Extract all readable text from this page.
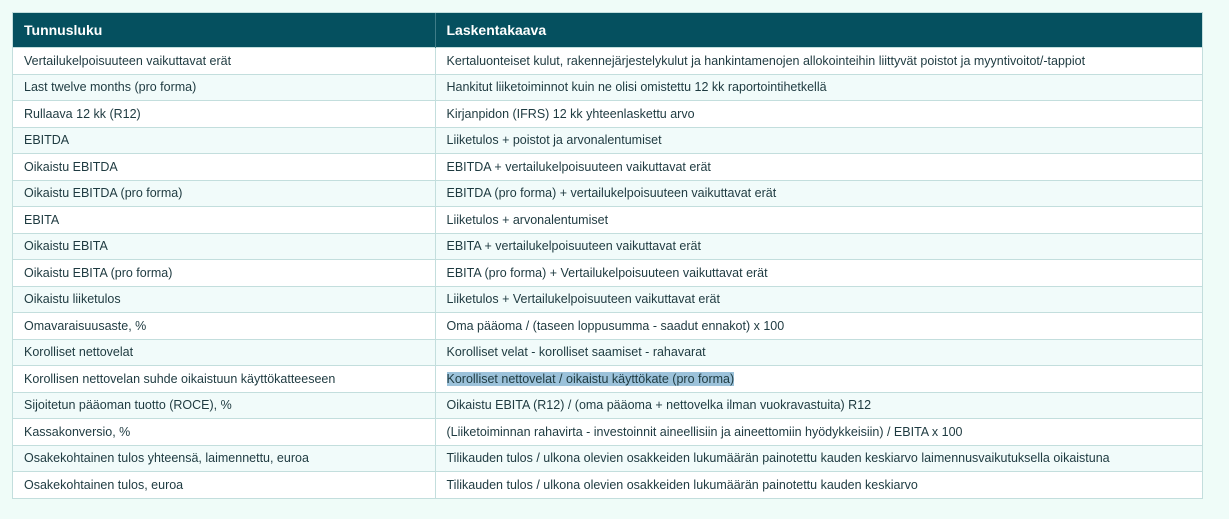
Tunnusluku	Laskentakaava
Vertailukelpoisuuteen vaikuttavat erät	Kertaluonteiset kulut, rakennejärjestelykulut ja hankintamenojen allokointeihin liittyvät poistot ja myyntivoitot/-tappiot
Last twelve months (pro forma)	Hankitut liiketoiminnot kuin ne olisi omistettu 12 kk raportointihetkellä
Rullaava 12 kk (R12)	Kirjanpidon (IFRS) 12 kk yhteenlaskettu arvo
EBITDA	Liiketulos + poistot ja arvonalentumiset
Oikaistu EBITDA	EBITDA + vertailukelpoisuuteen vaikuttavat erät
Oikaistu EBITDA (pro forma)	EBITDA (pro forma) + vertailukelpoisuuteen vaikuttavat erät
EBITA	Liiketulos + arvonalentumiset
Oikaistu EBITA	EBITA + vertailukelpoisuuteen vaikuttavat erät
Oikaistu EBITA (pro forma)	EBITA (pro forma) + Vertailukelpoisuuteen vaikuttavat erät
Oikaistu liiketulos	Liiketulos + Vertailukelpoisuuteen vaikuttavat erät
Omavaraisuusaste, %	Oma pääoma / (taseen loppusumma - saadut ennakot) x 100
Korolliset nettovelat	Korolliset velat - korolliset saamiset - rahavarat
Korollisen nettovelan suhde oikaistuun käyttökatteeseen	Korolliset nettovelat / oikaistu käyttökate (pro forma)
Sijoitetun pääoman tuotto (ROCE), %	Oikaistu EBITA (R12) / (oma pääoma + nettovelka ilman vuokravastuita) R12
Kassakonversio, %	(Liiketoiminnan rahavirta - investoinnit aineellisiin ja aineettomiin hyödykkeisiin) / EBITA x 100
Osakekohtainen tulos yhteensä, laimennettu, euroa	Tilikauden tulos / ulkona olevien osakkeiden lukumäärän painotettu kauden keskiarvo laimennusvaikutuksella oikaistuna
Osakekohtainen tulos, euroa	Tilikauden tulos / ulkona olevien osakkeiden lukumäärän painotettu kauden keskiarvo
